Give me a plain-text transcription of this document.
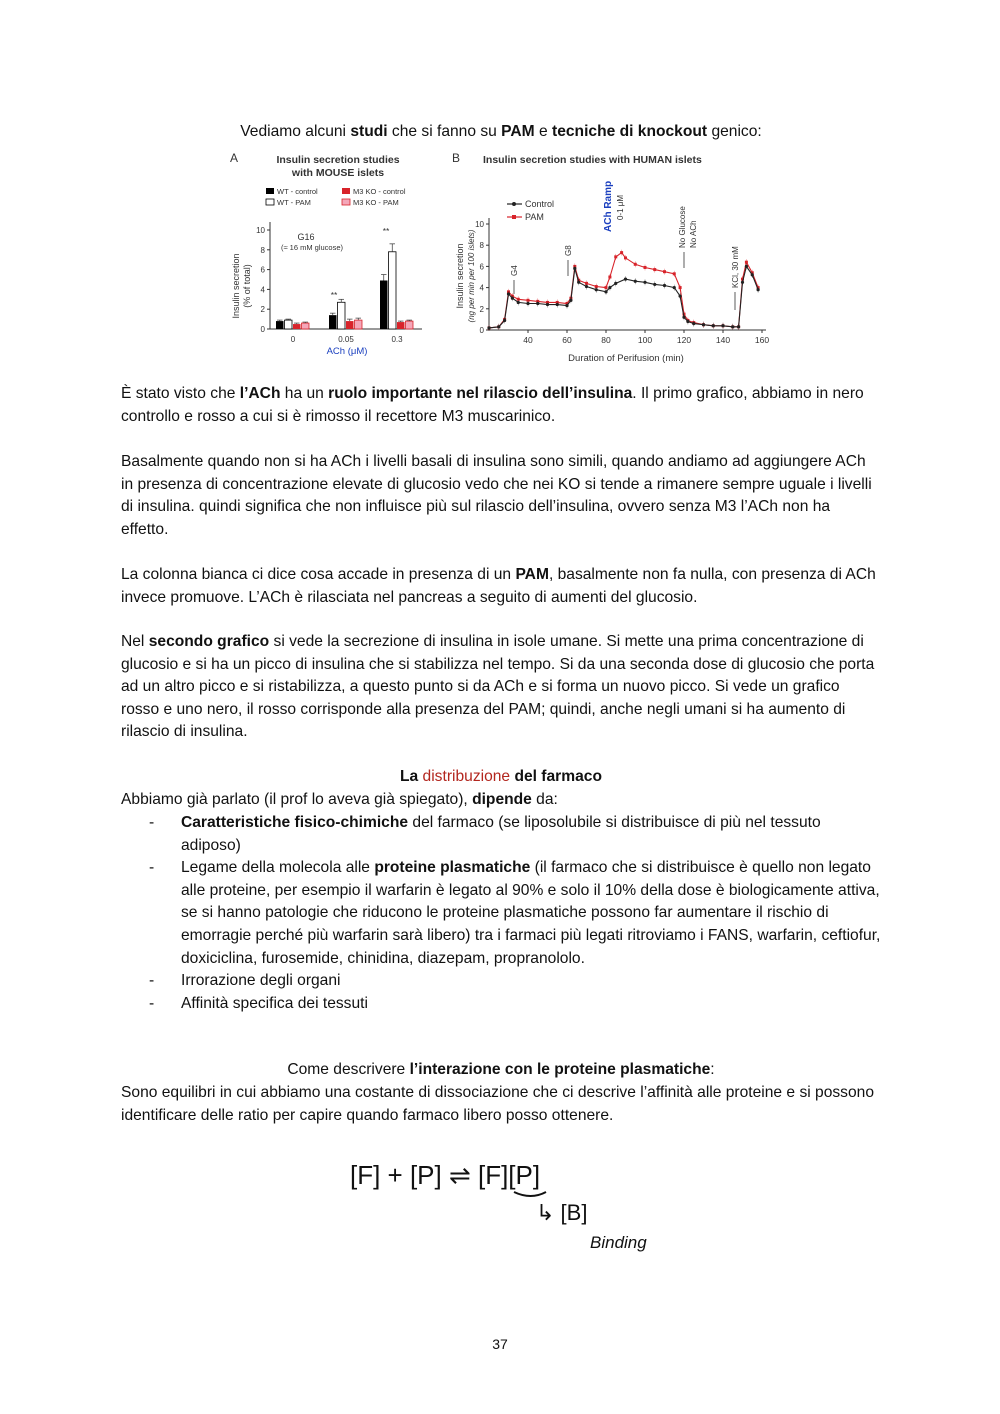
Vediamo alcuni studi che si fanno su PAM e tecniche di knockout genico:

A	Insulin secretion studies
with MOUSE islets
WT - control
WT - PAM
M3 KO - control
M3 KO - PAM
G16
(≈ 16 mM glucose)
Insulin secretion (% of total)
0
2
4
6
8
10
0	0.05	0.3
ACh (μM)
**
**
B Insulin secretion studies with HUMAN islets
Control
PAM
Insulin secretion (ng per min per 100 islets)
0
2
4
6
8
10
40	60	80	100	120	140	160
Duration of Perifusion (min)
G4
G8
ACh Ramp 0-1 μM	No Glucose No ACh
KCl, 30 mM

È stato visto che l’ACh ha un ruolo importante nel rilascio dell’insulina. Il primo grafico, abbiamo in nero controllo e rosso a cui si è rimosso il recettore M3 muscarinico.

Basalmente quando non si ha ACh i livelli basali di insulina sono simili, quando andiamo ad aggiungere ACh in presenza di concentrazione elevate di glucosio vedo che nei KO si tende a rimanere sempre uguale i livelli di insulina. quindi significa che non influisce più sul rilascio dell’insulina, ovvero senza M3 l’ACh non ha effetto.

La colonna bianca ci dice cosa accade in presenza di un PAM, basalmente non fa nulla, con presenza di ACh invece promuove. L’ACh è rilasciata nel pancreas a seguito di aumenti del glucosio.

Nel secondo grafico si vede la secrezione di insulina in isole umane. Si mette una prima concentrazione di glucosio e si ha un picco di insulina che si stabilizza nel tempo. Si da una seconda dose di glucosio che porta ad un altro picco e si ristabilizza, a questo punto si da ACh e si forma un nuovo picco. Si vede un grafico rosso e uno nero, il rosso corrisponde alla presenza del PAM; quindi, anche negli umani si ha aumento di rilascio di insulina.

La distribuzione del farmaco

Abbiamo già parlato (il prof lo aveva già spiegato), dipende da:

- Caratteristiche fisico-chimiche del farmaco (se liposolubile si distribuisce di più nel tessuto adiposo)
- Legame della molecola alle proteine plasmatiche (il farmaco che si distribuisce è quello non legato alle proteine, per esempio il warfarin è legato al 90% e solo il 10% della dose è biologicamente attiva, se si hanno patologie che riducono le proteine plasmatiche possono far aumentare il rischio di emorragie perché più warfarin sarà libero) tra i farmaci più legati ritroviamo i FANS, warfarin, ceftiofur, doxiciclina, furosemide, chinidina, diazepam, propranololo.
- Irrorazione degli organi
- Affinità specifica dei tessuti

Come descrivere l’interazione con le proteine plasmatiche:

Sono equilibri in cui abbiamo una costante di dissociazione che ci descrive l’affinità alle proteine e si possono identificare delle ratio per capire quando farmaco libero posso ottenere.

[F] + [P] ⇌ [F][P]
↳ [B]
Binding
37
